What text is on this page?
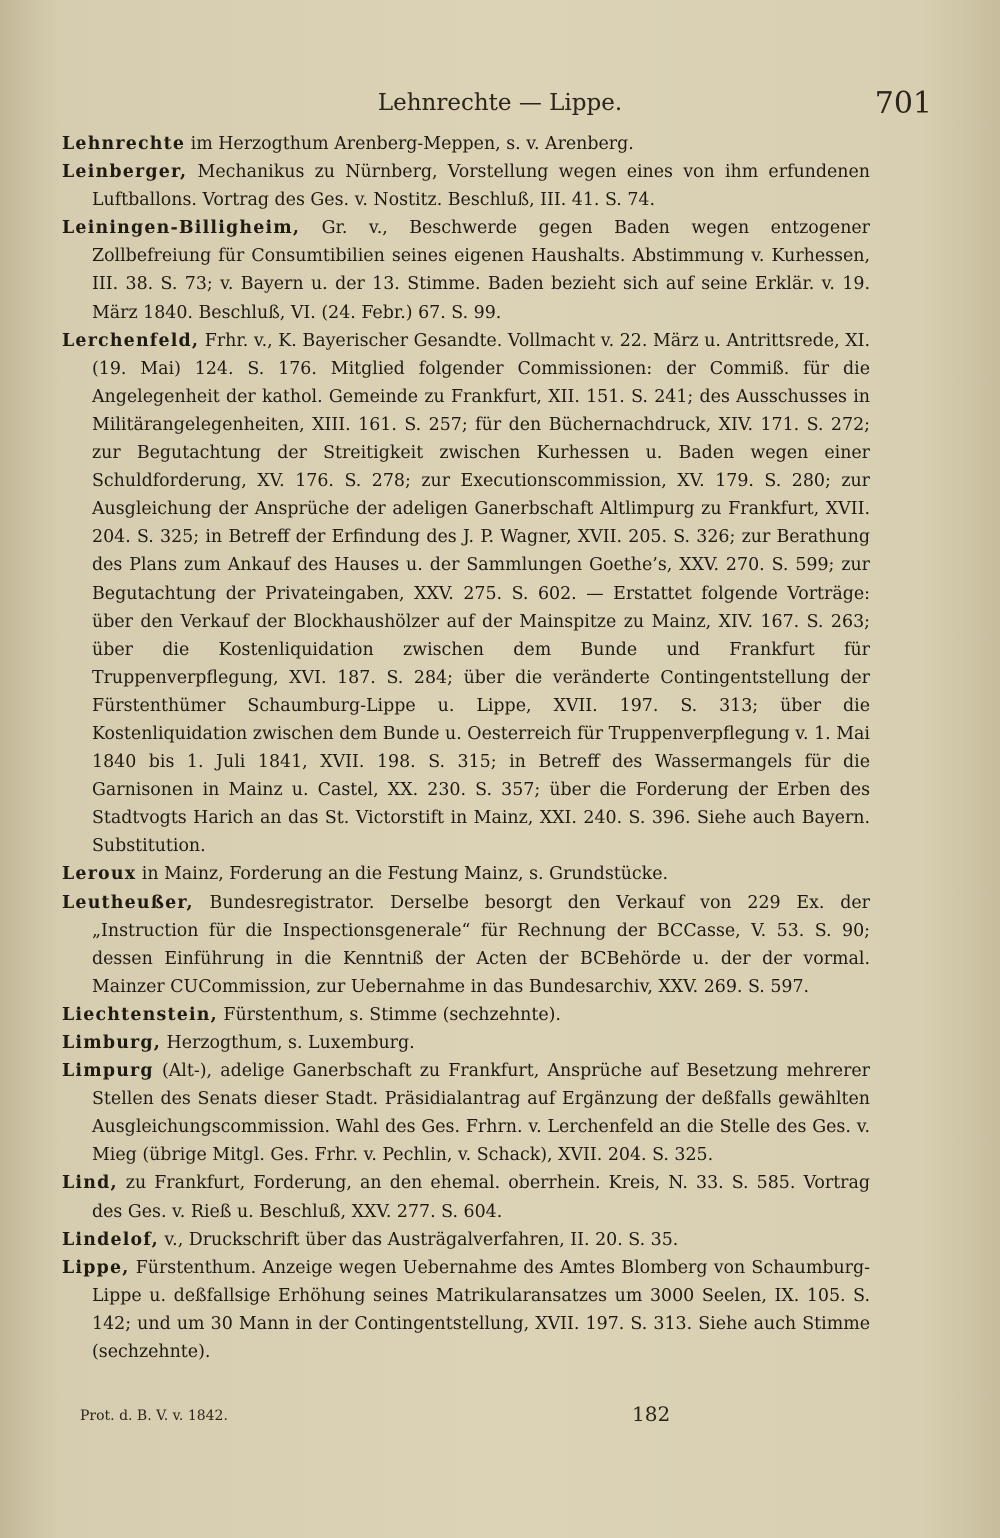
Lehnrechte — Lippe.	701

Lehnrechte im Herzogthum Arenberg-Meppen, s. v. Arenberg.

Leinberger, Mechanikus zu Nürnberg, Vorstellung wegen eines von ihm erfundenen Luftballons. Vortrag des Ges. v. Nostitz. Beschluß, III. 41. S. 74.

Leiningen-Billigheim, Gr. v., Beschwerde gegen Baden wegen entzogener Zollbefreiung für Consumtibilien seines eigenen Haushalts. Abstimmung v. Kurhessen, III. 38. S. 73; v. Bayern u. der 13. Stimme. Baden bezieht sich auf seine Erklär. v. 19. März 1840. Beschluß, VI. (24. Febr.) 67. S. 99.

Lerchenfeld, Frhr. v., K. Bayerischer Gesandte. Vollmacht v. 22. März u. Antrittsrede, XI. (19. Mai) 124. S. 176. Mitglied folgender Commissionen: der Commiß. für die Angelegenheit der kathol. Gemeinde zu Frankfurt, XII. 151. S. 241; des Ausschusses in Militärangelegenheiten, XIII. 161. S. 257; für den Büchernachdruck, XIV. 171. S. 272; zur Begutachtung der Streitigkeit zwischen Kurhessen u. Baden wegen einer Schuldforderung, XV. 176. S. 278; zur Executionscommission, XV. 179. S. 280; zur Ausgleichung der Ansprüche der adeligen Ganerbschaft Altlimpurg zu Frankfurt, XVII. 204. S. 325; in Betreff der Erfindung des J. P. Wagner, XVII. 205. S. 326; zur Berathung des Plans zum Ankauf des Hauses u. der Sammlungen Goethe’s, XXV. 270. S. 599; zur Begutachtung der Privateingaben, XXV. 275. S. 602. — Erstattet folgende Vorträge: über den Verkauf der Blockhaushölzer auf der Mainspitze zu Mainz, XIV. 167. S. 263; über die Kostenliquidation zwischen dem Bunde und Frankfurt für Truppenverpflegung, XVI. 187. S. 284; über die veränderte Contingentstellung der Fürstenthümer Schaumburg-Lippe u. Lippe, XVII. 197. S. 313; über die Kostenliquidation zwischen dem Bunde u. Oesterreich für Truppenverpflegung v. 1. Mai 1840 bis 1. Juli 1841, XVII. 198. S. 315; in Betreff des Wassermangels für die Garnisonen in Mainz u. Castel, XX. 230. S. 357; über die Forderung der Erben des Stadtvogts Harich an das St. Victorstift in Mainz, XXI. 240. S. 396. Siehe auch Bayern. Substitution.

Leroux in Mainz, Forderung an die Festung Mainz, s. Grundstücke.

Leutheußer, Bundesregistrator. Derselbe besorgt den Verkauf von 229 Ex. der „Instruction für die Inspectionsgenerale“ für Rechnung der BCCasse, V. 53. S. 90; dessen Einführung in die Kenntniß der Acten der BCBehörde u. der der vormal. Mainzer CUCommission, zur Uebernahme in das Bundesarchiv, XXV. 269. S. 597.

Liechtenstein, Fürstenthum, s. Stimme (sechzehnte).

Limburg, Herzogthum, s. Luxemburg.

Limpurg (Alt-), adelige Ganerbschaft zu Frankfurt, Ansprüche auf Besetzung mehrerer Stellen des Senats dieser Stadt. Präsidialantrag auf Ergänzung der deßfalls gewählten Ausgleichungscommission. Wahl des Ges. Frhrn. v. Lerchenfeld an die Stelle des Ges. v. Mieg (übrige Mitgl. Ges. Frhr. v. Pechlin, v. Schack), XVII. 204. S. 325.

Lind, zu Frankfurt, Forderung, an den ehemal. oberrhein. Kreis, N. 33. S. 585. Vortrag des Ges. v. Rieß u. Beschluß, XXV. 277. S. 604.

Lindelof, v., Druckschrift über das Austrägalverfahren, II. 20. S. 35.

Lippe, Fürstenthum. Anzeige wegen Uebernahme des Amtes Blomberg von Schaumburg-Lippe u. deßfallsige Erhöhung seines Matrikularansatzes um 3000 Seelen, IX. 105. S. 142; und um 30 Mann in der Contingentstellung, XVII. 197. S. 313. Siehe auch Stimme (sechzehnte).

Prot. d. B. V. v. 1842.	182
